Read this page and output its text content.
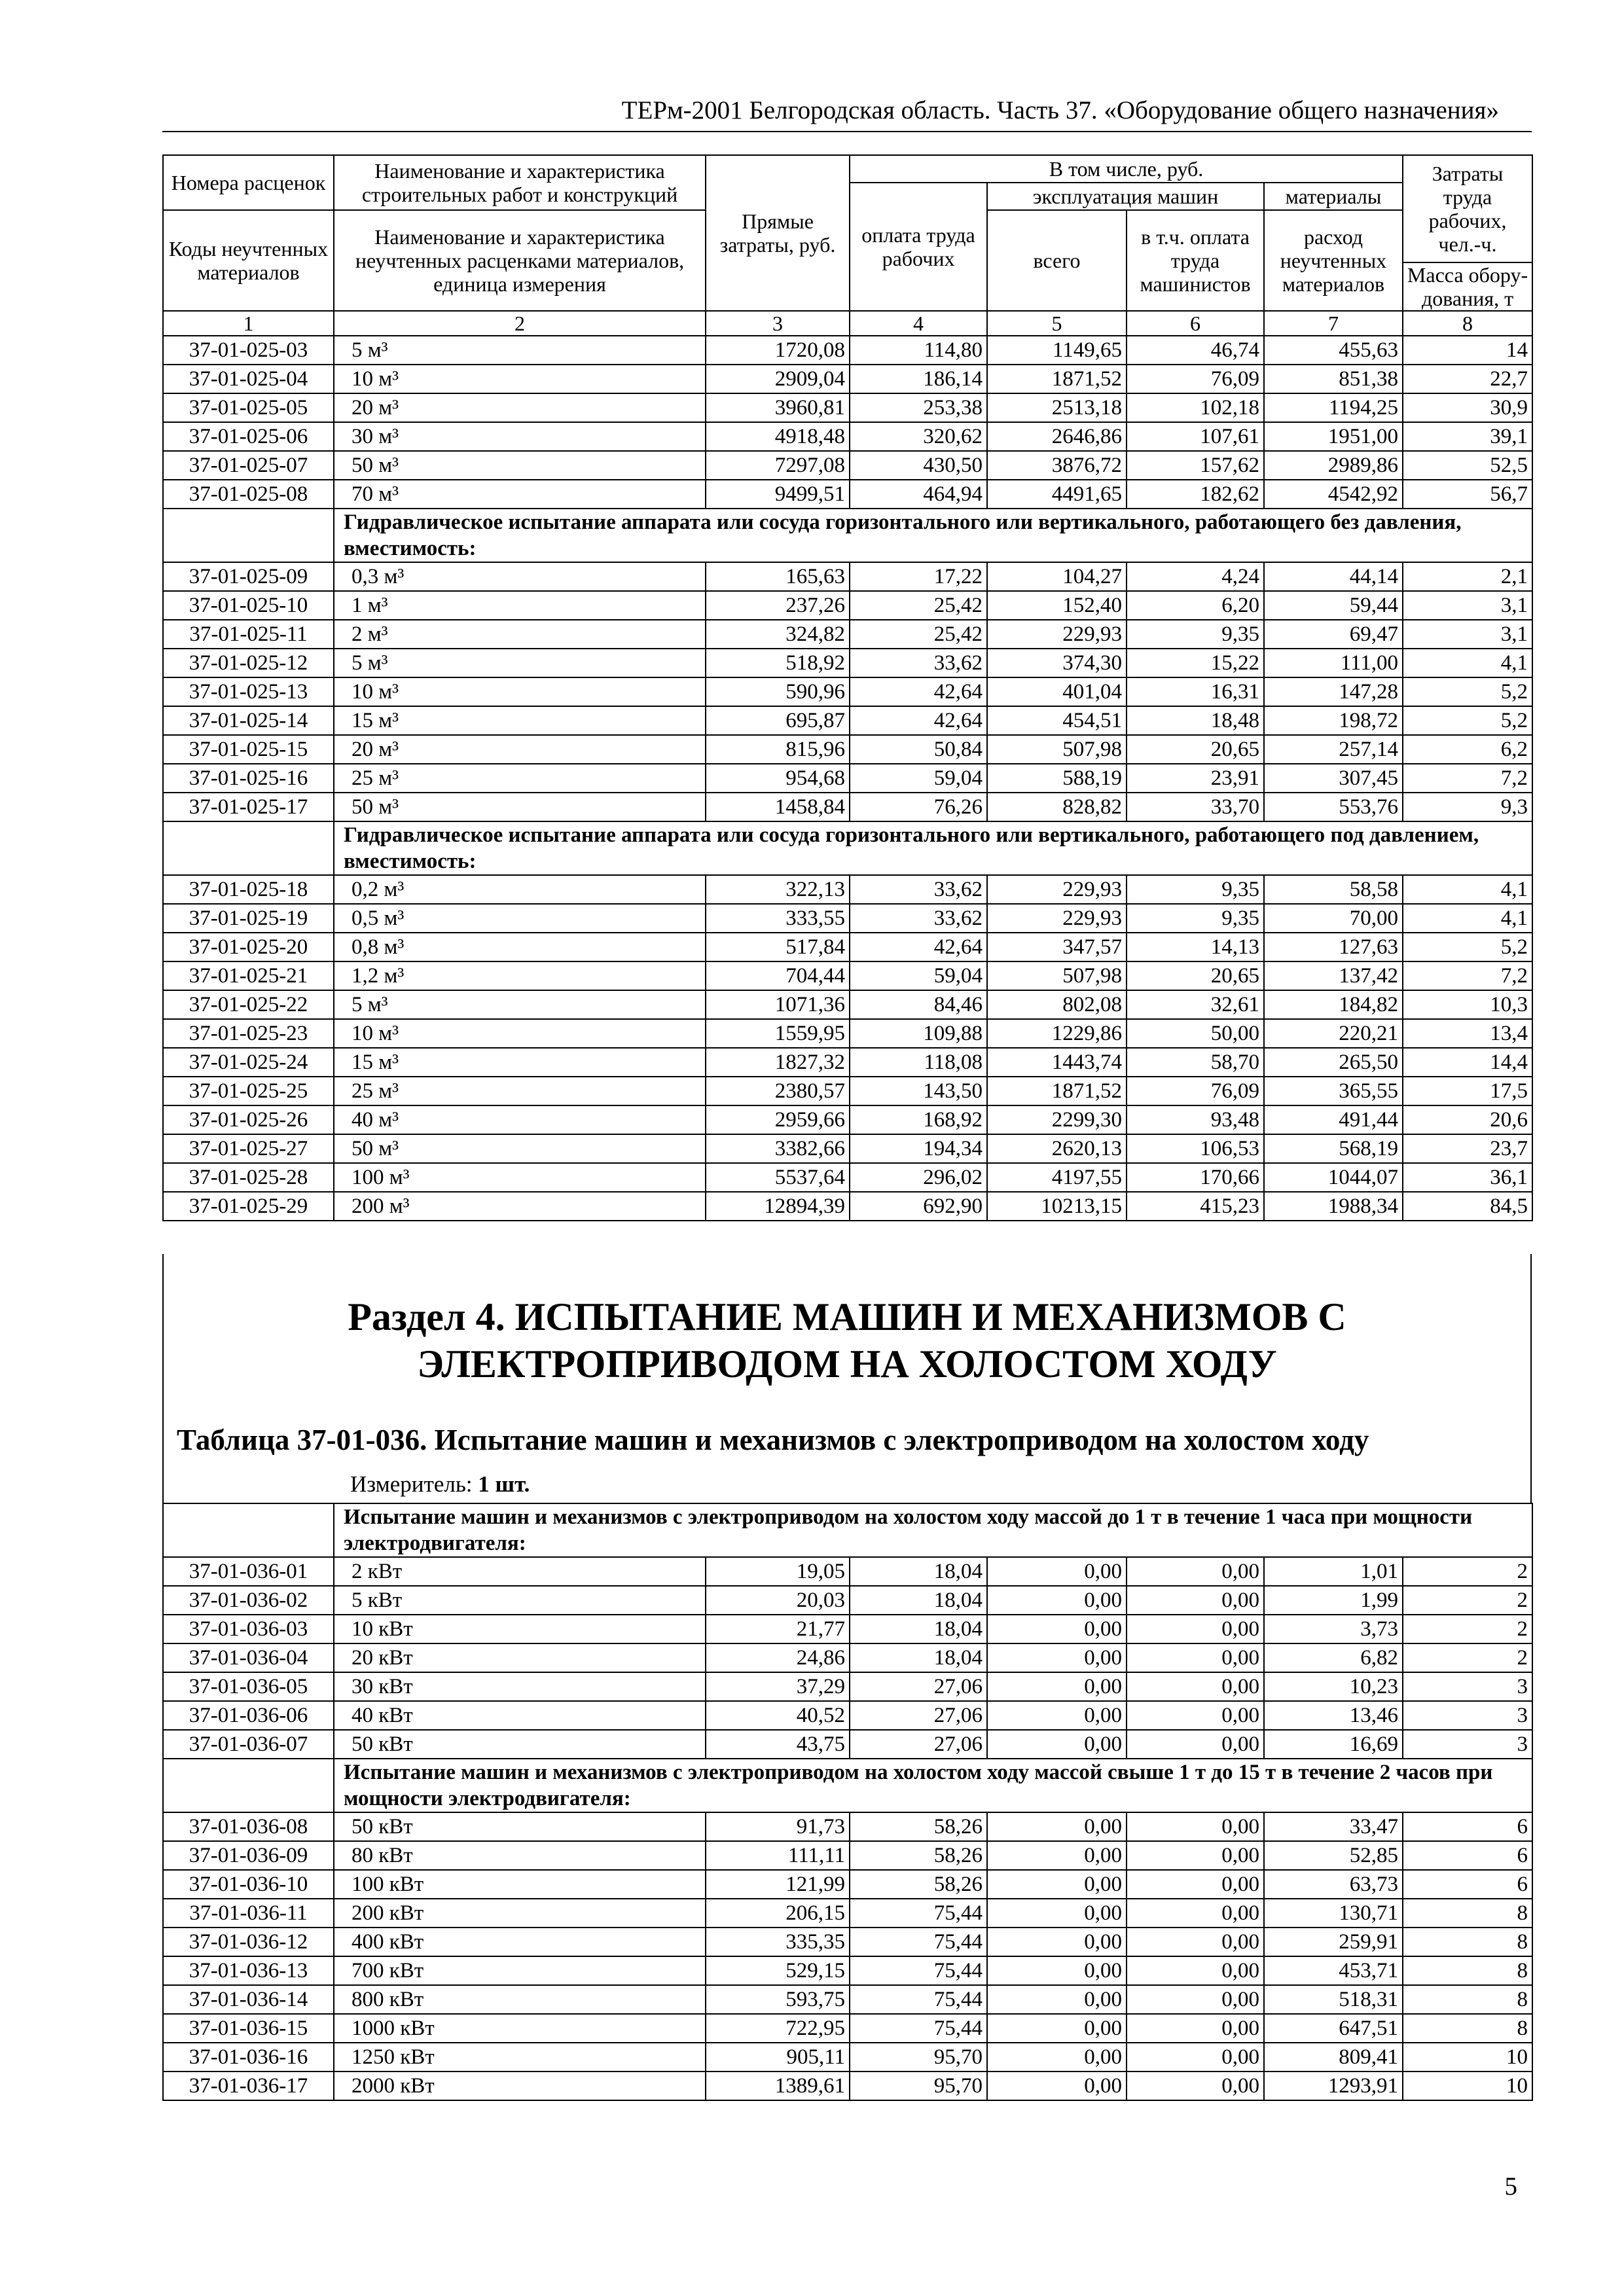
ТЕРм-2001 Белгородская область. Часть 37. «Оборудование общего назначения»
Номера расценок	Наименование и характеристика строительных работ и конструкций	Прямые затраты, руб.	В том числе, руб.				Затраты труда рабочих, чел.-ч.
			оплата труда рабочих	эксплуатация машин		материалы	
Коды неучтенных материалов	Наименование и характеристика неучтенных расценками материалов, единица измерения			всего	в т.ч. оплата труда машинистов	расход неучтенных материалов	
							Масса обору-дования, т
1	2	3	4	5	6	7	8
37-01-025-03	5 м³	1720,08	114,80	1149,65	46,74	455,63	14
37-01-025-04	10 м³	2909,04	186,14	1871,52	76,09	851,38	22,7
37-01-025-05	20 м³	3960,81	253,38	2513,18	102,18	1194,25	30,9
37-01-025-06	30 м³	4918,48	320,62	2646,86	107,61	1951,00	39,1
37-01-025-07	50 м³	7297,08	430,50	3876,72	157,62	2989,86	52,5
37-01-025-08	70 м³	9499,51	464,94	4491,65	182,62	4542,92	56,7
	Гидравлическое испытание аппарата или сосуда горизонтального или вертикального, работающего без давления, вместимость:						
37-01-025-09	0,3 м³	165,63	17,22	104,27	4,24	44,14	2,1
37-01-025-10	1 м³	237,26	25,42	152,40	6,20	59,44	3,1
37-01-025-11	2 м³	324,82	25,42	229,93	9,35	69,47	3,1
37-01-025-12	5 м³	518,92	33,62	374,30	15,22	111,00	4,1
37-01-025-13	10 м³	590,96	42,64	401,04	16,31	147,28	5,2
37-01-025-14	15 м³	695,87	42,64	454,51	18,48	198,72	5,2
37-01-025-15	20 м³	815,96	50,84	507,98	20,65	257,14	6,2
37-01-025-16	25 м³	954,68	59,04	588,19	23,91	307,45	7,2
37-01-025-17	50 м³	1458,84	76,26	828,82	33,70	553,76	9,3
	Гидравлическое испытание аппарата или сосуда горизонтального или вертикального, работающего под давлением, вместимость:						
37-01-025-18	0,2 м³	322,13	33,62	229,93	9,35	58,58	4,1
37-01-025-19	0,5 м³	333,55	33,62	229,93	9,35	70,00	4,1
37-01-025-20	0,8 м³	517,84	42,64	347,57	14,13	127,63	5,2
37-01-025-21	1,2 м³	704,44	59,04	507,98	20,65	137,42	7,2
37-01-025-22	5 м³	1071,36	84,46	802,08	32,61	184,82	10,3
37-01-025-23	10 м³	1559,95	109,88	1229,86	50,00	220,21	13,4
37-01-025-24	15 м³	1827,32	118,08	1443,74	58,70	265,50	14,4
37-01-025-25	25 м³	2380,57	143,50	1871,52	76,09	365,55	17,5
37-01-025-26	40 м³	2959,66	168,92	2299,30	93,48	491,44	20,6
37-01-025-27	50 м³	3382,66	194,34	2620,13	106,53	568,19	23,7
37-01-025-28	100 м³	5537,64	296,02	4197,55	170,66	1044,07	36,1
37-01-025-29	200 м³	12894,39	692,90	10213,15	415,23	1988,34	84,5
Раздел 4. ИСПЫТАНИЕ МАШИН И МЕХАНИЗМОВ С ЭЛЕКТРОПРИВОДОМ НА ХОЛОСТОМ ХОДУ
Таблица 37-01-036. Испытание машин и механизмов с электроприводом на холостом ходу
Измеритель: 1 шт.
	Испытание машин и механизмов с электроприводом на холостом ходу массой до 1 т в течение 1 часа при мощности электродвигателя:						
37-01-036-01	2 кВт	19,05	18,04	0,00	0,00	1,01	2
37-01-036-02	5 кВт	20,03	18,04	0,00	0,00	1,99	2
37-01-036-03	10 кВт	21,77	18,04	0,00	0,00	3,73	2
37-01-036-04	20 кВт	24,86	18,04	0,00	0,00	6,82	2
37-01-036-05	30 кВт	37,29	27,06	0,00	0,00	10,23	3
37-01-036-06	40 кВт	40,52	27,06	0,00	0,00	13,46	3
37-01-036-07	50 кВт	43,75	27,06	0,00	0,00	16,69	3
	Испытание машин и механизмов с электроприводом на холостом ходу массой свыше 1 т до 15 т в течение 2 часов при мощности электродвигателя:						
37-01-036-08	50 кВт	91,73	58,26	0,00	0,00	33,47	6
37-01-036-09	80 кВт	111,11	58,26	0,00	0,00	52,85	6
37-01-036-10	100 кВт	121,99	58,26	0,00	0,00	63,73	6
37-01-036-11	200 кВт	206,15	75,44	0,00	0,00	130,71	8
37-01-036-12	400 кВт	335,35	75,44	0,00	0,00	259,91	8
37-01-036-13	700 кВт	529,15	75,44	0,00	0,00	453,71	8
37-01-036-14	800 кВт	593,75	75,44	0,00	0,00	518,31	8
37-01-036-15	1000 кВт	722,95	75,44	0,00	0,00	647,51	8
37-01-036-16	1250 кВт	905,11	95,70	0,00	0,00	809,41	10
37-01-036-17	2000 кВт	1389,61	95,70	0,00	0,00	1293,91	10
5
